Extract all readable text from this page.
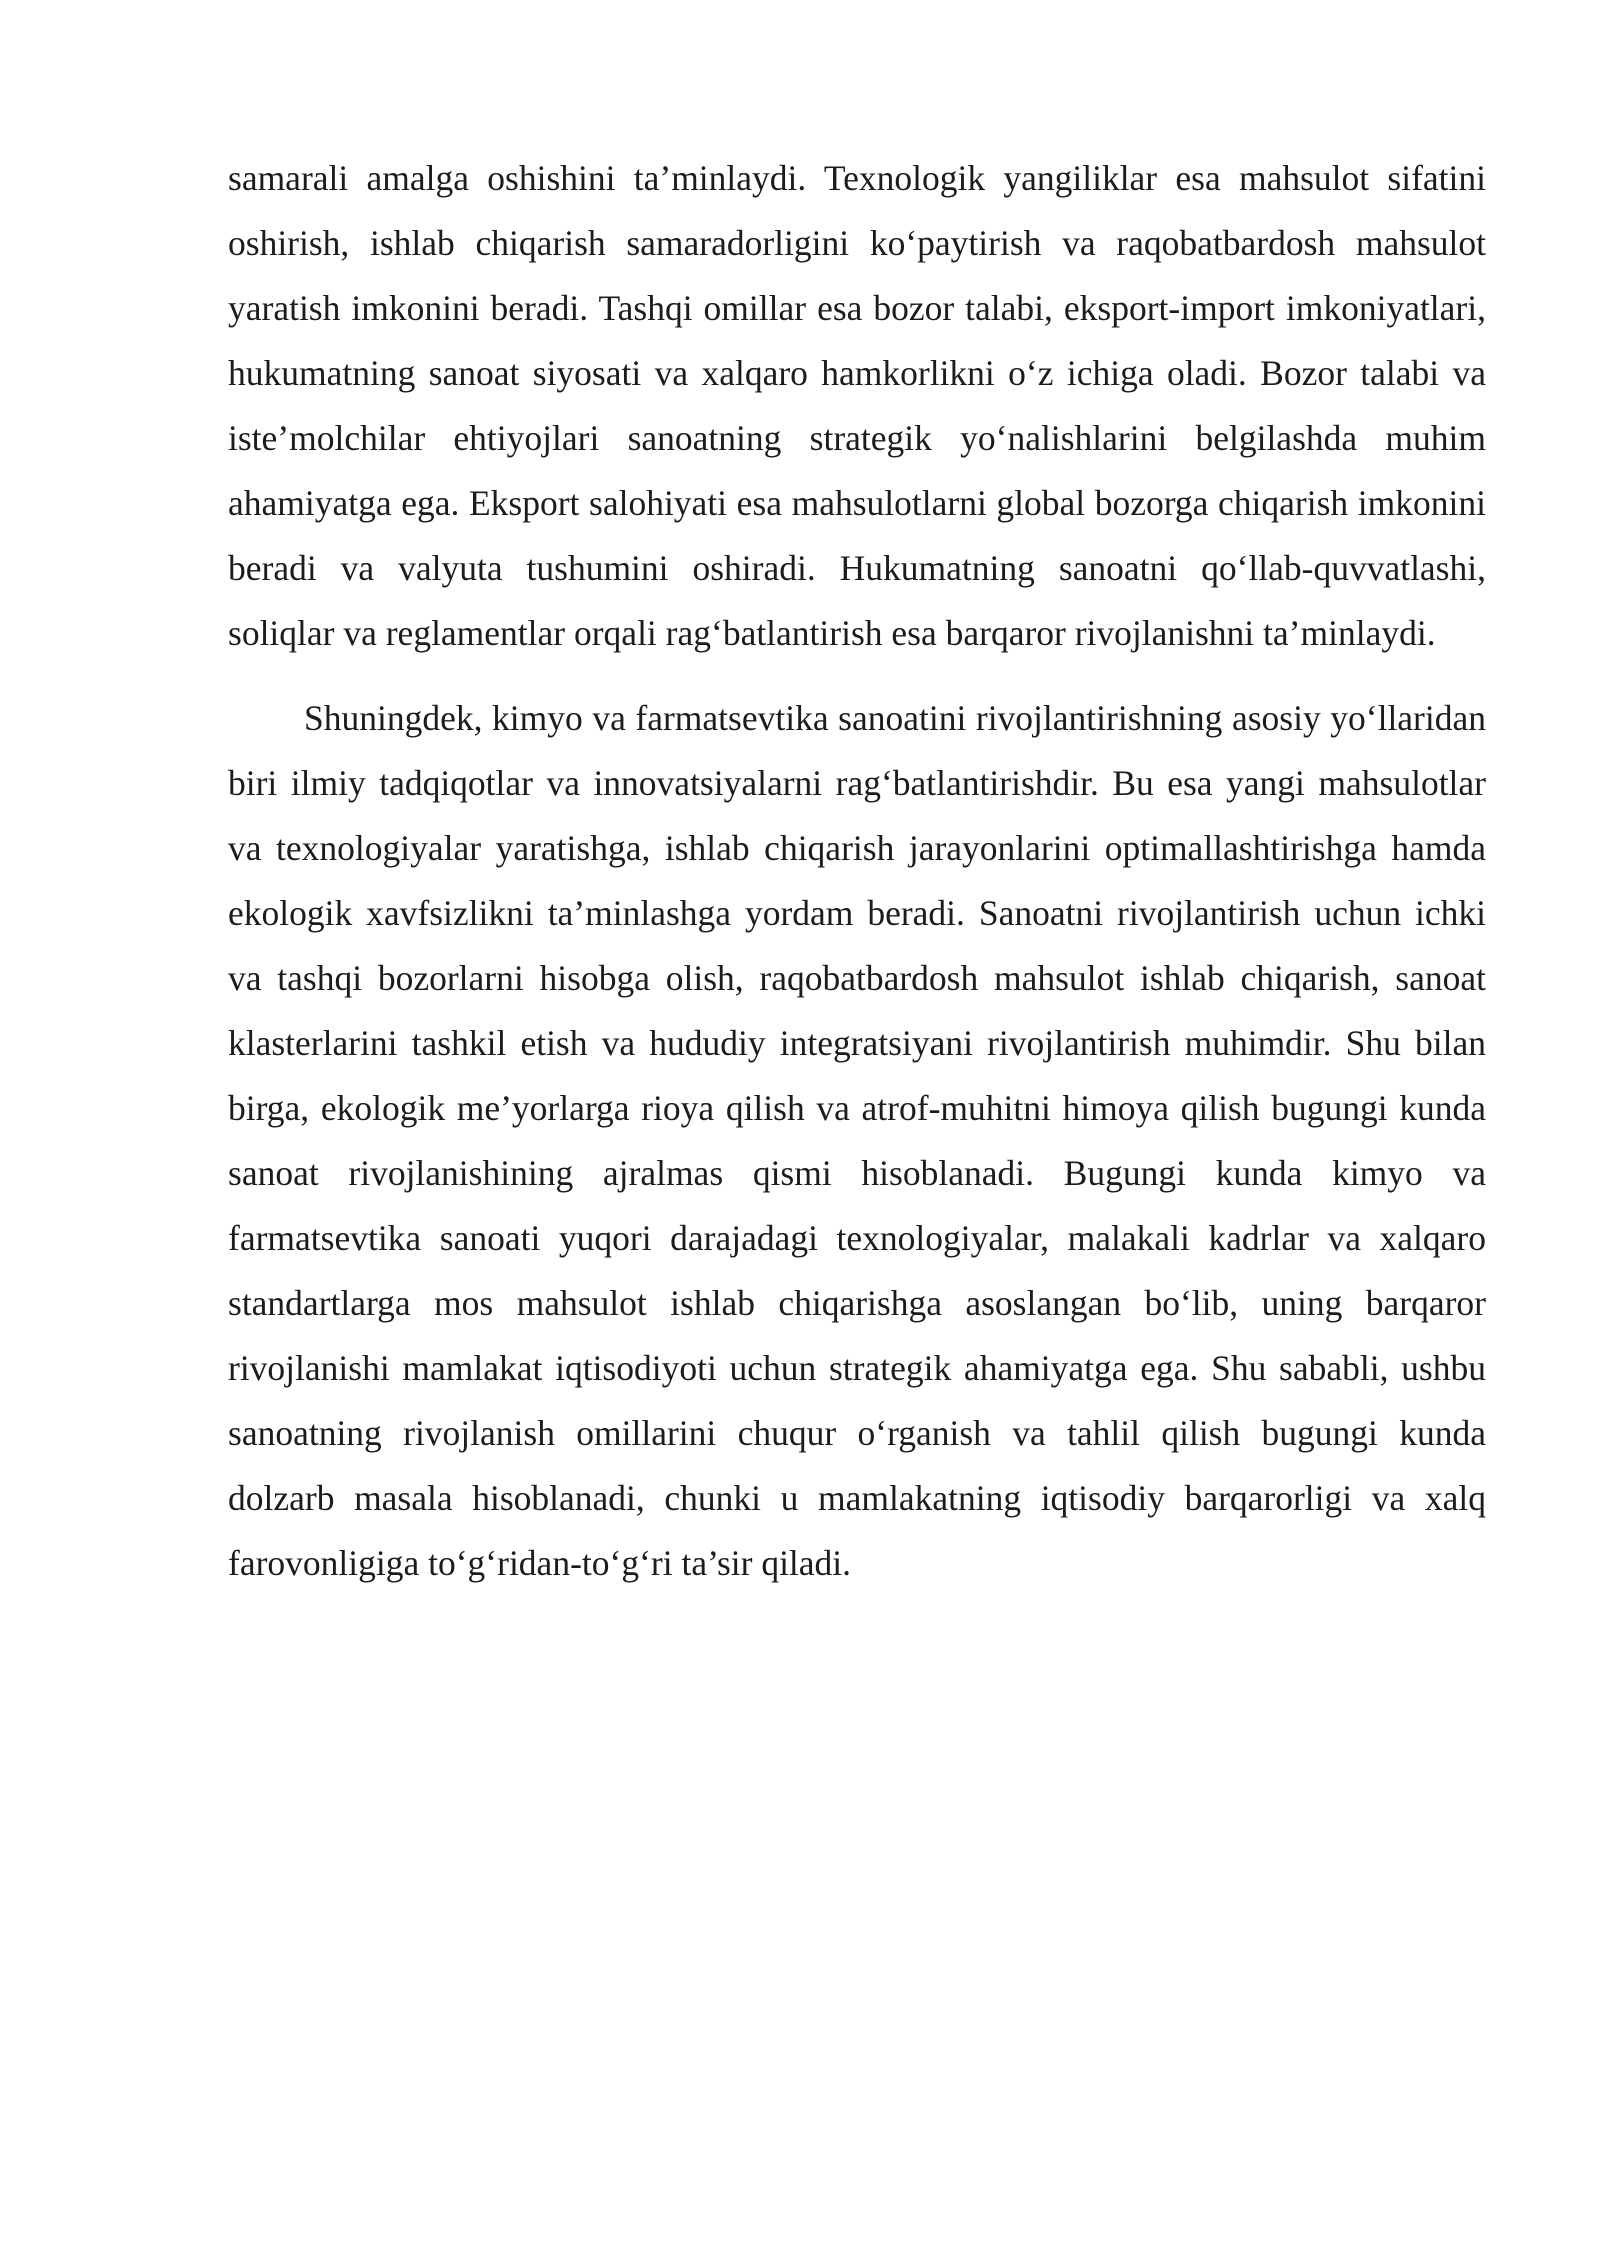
samarali amalga oshishini ta’minlaydi. Texnologik yangiliklar esa mahsulot sifatini oshirish, ishlab chiqarish samaradorligini ko‘paytirish va raqobatbardosh mahsulot yaratish imkonini beradi. Tashqi omillar esa bozor talabi, eksport-import imkoniyatlari, hukumatning sanoat siyosati va xalqaro hamkorlikni o‘z ichiga oladi. Bozor talabi va iste’molchilar ehtiyojlari sanoatning strategik yo‘nalishlarini belgilashda muhim ahamiyatga ega. Eksport salohiyati esa mahsulotlarni global bozorga chiqarish imkonini beradi va valyuta tushumini oshiradi. Hukumatning sanoatni qo‘llab-quvvatlashi, soliqlar va reglamentlar orqali rag‘batlantirish esa barqaror rivojlanishni ta’minlaydi.

Shuningdek, kimyo va farmatsevtika sanoatini rivojlantirishning asosiy yo‘llaridan biri ilmiy tadqiqotlar va innovatsiyalarni rag‘batlantirishdir. Bu esa yangi mahsulotlar va texnologiyalar yaratishga, ishlab chiqarish jarayonlarini optimallashtirishga hamda ekologik xavfsizlikni ta’minlashga yordam beradi. Sanoatni rivojlantirish uchun ichki va tashqi bozorlarni hisobga olish, raqobatbardosh mahsulot ishlab chiqarish, sanoat klasterlarini tashkil etish va hududiy integratsiyani rivojlantirish muhimdir. Shu bilan birga, ekologik me’yorlarga rioya qilish va atrof-muhitni himoya qilish bugungi kunda sanoat rivojlanishining ajralmas qismi hisoblanadi. Bugungi kunda kimyo va farmatsevtika sanoati yuqori darajadagi texnologiyalar, malakali kadrlar va xalqaro standartlarga mos mahsulot ishlab chiqarishga asoslangan bo‘lib, uning barqaror rivojlanishi mamlakat iqtisodiyoti uchun strategik ahamiyatga ega. Shu sababli, ushbu sanoatning rivojlanish omillarini chuqur o‘rganish va tahlil qilish bugungi kunda dolzarb masala hisoblanadi, chunki u mamlakatning iqtisodiy barqarorligi va xalq farovonligiga to‘g‘ridan-to‘g‘ri ta’sir qiladi.
